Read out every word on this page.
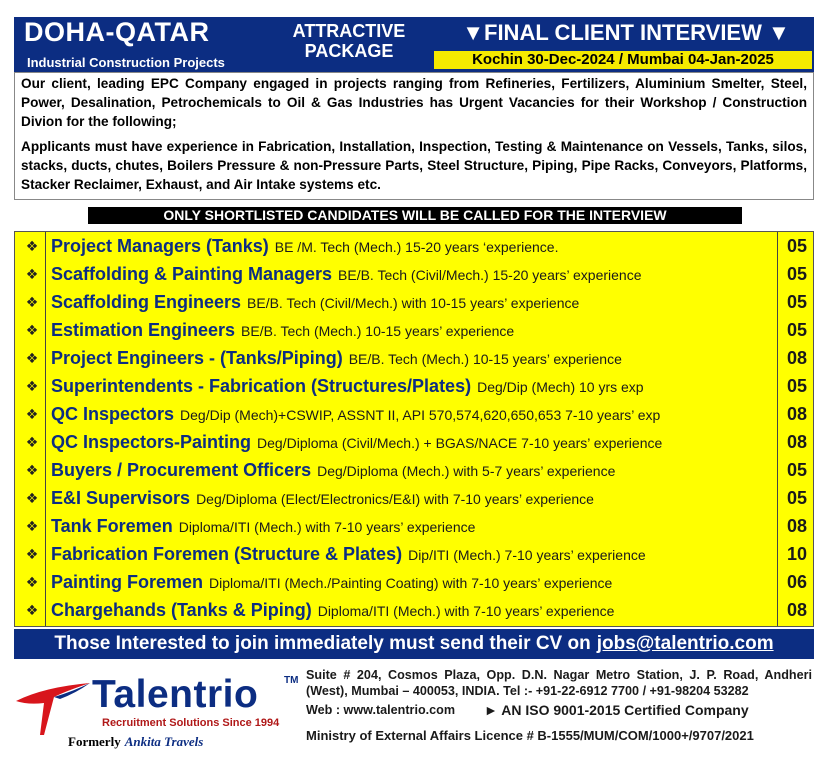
DOHA-QATAR
Industrial Construction Projects
ATTRACTIVE PACKAGE
▼FINAL CLIENT INTERVIEW ▼
Kochin 30-Dec-2024 / Mumbai 04-Jan-2025

Our client, leading EPC Company engaged in projects ranging from Refineries, Fertilizers, Aluminium Smelter, Steel, Power, Desalination, Petrochemicals to Oil & Gas Industries has Urgent Vacancies for their Workshop / Construction Divion for the following;

Applicants must have experience in Fabrication, Installation, Inspection, Testing & Maintenance on Vessels, Tanks, silos, stacks, ducts, chutes, Boilers Pressure & non-Pressure Parts, Steel Structure, Piping, Pipe Racks, Conveyors, Platforms, Stacker Reclaimer, Exhaust, and Air Intake systems etc.

ONLY SHORTLISTED CANDIDATES WILL BE CALLED FOR THE INTERVIEW
❖ Project Managers (Tanks) BE /M. Tech (Mech.) 15-20 years ‘experience.	05
❖ Scaffolding & Painting Managers BE/B. Tech (Civil/Mech.) 15-20 years’ experience	05
❖ Scaffolding Engineers BE/B. Tech (Civil/Mech.) with 10-15 years’ experience	05
❖ Estimation Engineers BE/B. Tech (Mech.) 10-15 years’ experience	05
❖ Project Engineers - (Tanks/Piping) BE/B. Tech (Mech.) 10-15 years’ experience	08
❖ Superintendents - Fabrication (Structures/Plates) Deg/Dip (Mech) 10 yrs exp	05
❖ QC Inspectors Deg/Dip (Mech)+CSWIP, ASSNT II, API 570,574,620,650,653 7-10 years’ exp	08
❖ QC Inspectors-Painting Deg/Diploma (Civil/Mech.) + BGAS/NACE 7-10 years’ experience	08
❖ Buyers / Procurement Officers Deg/Diploma (Mech.) with 5-7 years’ experience	05
❖ E&I Supervisors Deg/Diploma (Elect/Electronics/E&I) with 7-10 years’ experience	05
❖ Tank Foremen Diploma/ITI (Mech.) with 7-10 years’ experience	08
❖ Fabrication Foremen (Structure & Plates) Dip/ITI (Mech.) 7-10 years’ experience	10
❖ Painting Foremen Diploma/ITI (Mech./Painting Coating) with 7-10 years’ experience	06
❖ Chargehands (Tanks & Piping) Diploma/ITI (Mech.) with 7-10 years’ experience	08
Those Interested to join immediately must send their CV on jobs@talentrio.com
Talentrio	TM
Recruitment Solutions Since 1994
Formerly Ankita Travels
Suite # 204, Cosmos Plaza, Opp. D.N. Nagar Metro Station, J. P. Road, Andheri (West), Mumbai – 400053, INDIA. Tel :- +91-22-6912 7700 / +91-98204 53282
Web : www.talentrio.com ► AN ISO 9001-2015 Certified Company
Ministry of External Affairs Licence # B-1555/MUM/COM/1000+/9707/2021
